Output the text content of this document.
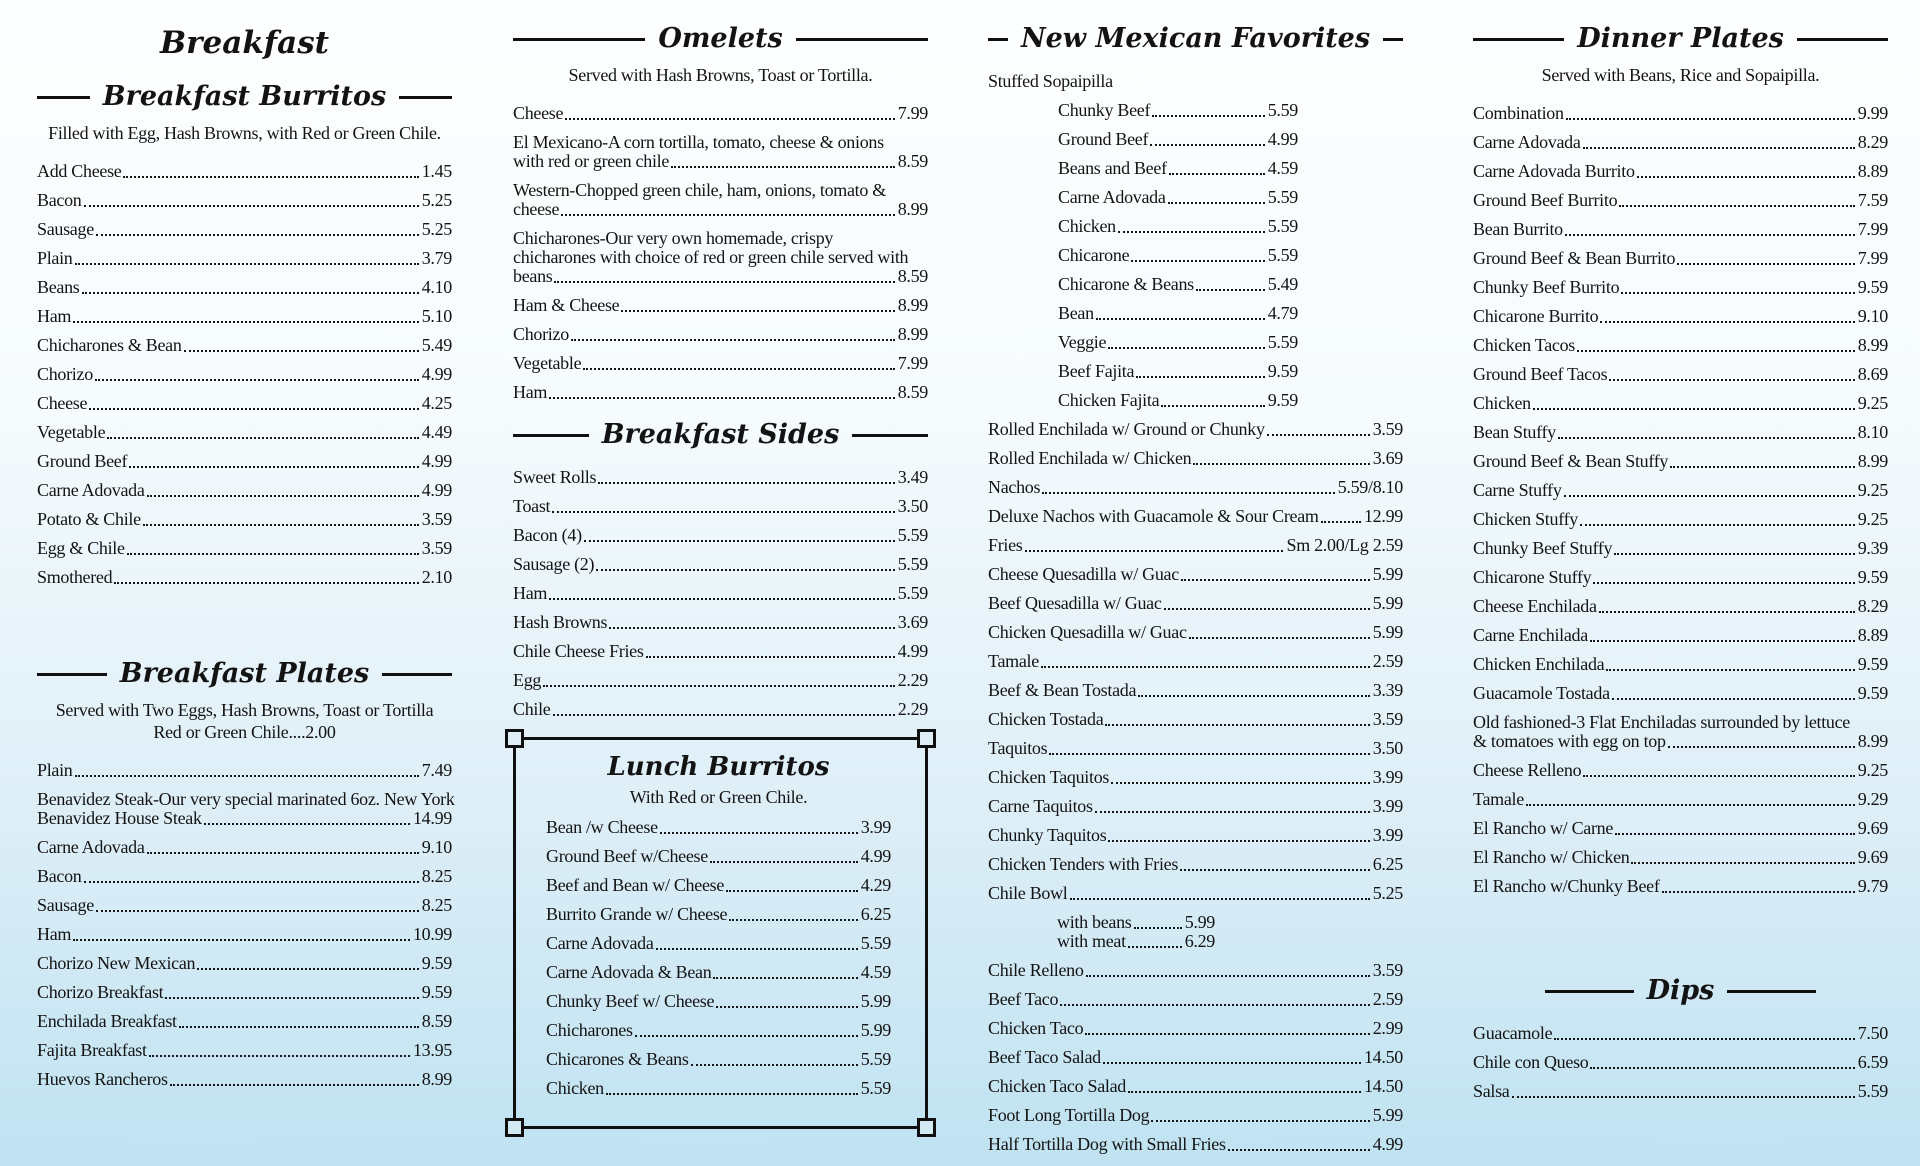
Breakfast
Breakfast Burritos
Filled with Egg, Hash Browns, with Red or Green Chile.
Add Cheese	1.45
Bacon	5.25
Sausage	5.25
Plain	3.79
Beans	4.10
Ham	5.10
Chicharones & Bean	5.49
Chorizo	4.99
Cheese	4.25
Vegetable	4.49
Ground Beef	4.99
Carne Adovada	4.99
Potato & Chile	3.59
Egg & Chile	3.59
Smothered	2.10
Breakfast Plates
Served with Two Eggs, Hash Browns, Toast or Tortilla
Red or Green Chile....2.00
Plain	7.49
Benavidez Steak-Our very special marinated 6oz. New York
Benavidez House Steak	14.99
Carne Adovada	9.10
Bacon	8.25
Sausage	8.25
Ham	10.99
Chorizo New Mexican	9.59
Chorizo Breakfast	9.59
Enchilada Breakfast	8.59
Fajita Breakfast	13.95
Huevos Rancheros	8.99
Omelets
Served with Hash Browns, Toast or Tortilla.
Cheese	7.99
El Mexicano-A corn tortilla, tomato, cheese & onions
with red or green chile	8.59
Western-Chopped green chile, ham, onions, tomato &
cheese	8.99
Chicharones-Our very own homemade, crispy
chicharones with choice of red or green chile served with
beans	8.59
Ham & Cheese	8.99
Chorizo	8.99
Vegetable	7.99
Ham	8.59
Breakfast Sides
Sweet Rolls	3.49
Toast	3.50
Bacon (4)	5.59
Sausage (2)	5.59
Ham	5.59
Hash Browns	3.69
Chile Cheese Fries	4.99
Egg	2.29
Chile	2.29
Lunch Burritos
With Red or Green Chile.
Bean /w Cheese	3.99
Ground Beef w/Cheese	4.99
Beef and Bean w/ Cheese	4.29
Burrito Grande w/ Cheese	6.25
Carne Adovada	5.59
Carne Adovada & Bean	4.59
Chunky Beef w/ Cheese	5.99
Chicharones	5.99
Chicarones & Beans	5.59
Chicken	5.59
New Mexican Favorites
Stuffed Sopaipilla
Chunky Beef	5.59
Ground Beef	4.99
Beans and Beef	4.59
Carne Adovada	5.59
Chicken	5.59
Chicarone	5.59
Chicarone & Beans	5.49
Bean	4.79
Veggie	5.59
Beef Fajita	9.59
Chicken Fajita	9.59
Rolled Enchilada w/ Ground or Chunky	3.59
Rolled Enchilada w/ Chicken	3.69
Nachos	5.59/8.10
Deluxe Nachos with Guacamole & Sour Cream	12.99
Fries	Sm 2.00/Lg 2.59
Cheese Quesadilla w/ Guac	5.99
Beef Quesadilla w/ Guac	5.99
Chicken Quesadilla w/ Guac	5.99
Tamale	2.59
Beef & Bean Tostada	3.39
Chicken Tostada	3.59
Taquitos	3.50
Chicken Taquitos	3.99
Carne Taquitos	3.99
Chunky Taquitos	3.99
Chicken Tenders with Fries	6.25
Chile Bowl	5.25
with beans	5.99
with meat	6.29
Chile Relleno	3.59
Beef Taco	2.59
Chicken Taco	2.99
Beef Taco Salad	14.50
Chicken Taco Salad	14.50
Foot Long Tortilla Dog	5.99
Half Tortilla Dog with Small Fries	4.99
Dinner Plates
Served with Beans, Rice and Sopaipilla.
Combination	9.99
Carne Adovada	8.29
Carne Adovada Burrito	8.89
Ground Beef Burrito	7.59
Bean Burrito	7.99
Ground Beef & Bean Burrito	7.99
Chunky Beef Burrito	9.59
Chicarone Burrito	9.10
Chicken Tacos	8.99
Ground Beef Tacos	8.69
Chicken	9.25
Bean Stuffy	8.10
Ground Beef & Bean Stuffy	8.99
Carne Stuffy	9.25
Chicken Stuffy	9.25
Chunky Beef Stuffy	9.39
Chicarone Stuffy	9.59
Cheese Enchilada	8.29
Carne Enchilada	8.89
Chicken Enchilada	9.59
Guacamole Tostada	9.59
Old fashioned-3 Flat Enchiladas surrounded by lettuce
& tomatoes with egg on top	8.99
Cheese Relleno	9.25
Tamale	9.29
El Rancho w/ Carne	9.69
El Rancho w/ Chicken	9.69
El Rancho w/Chunky Beef	9.79
Dips
Guacamole	7.50
Chile con Queso	6.59
Salsa	5.59
